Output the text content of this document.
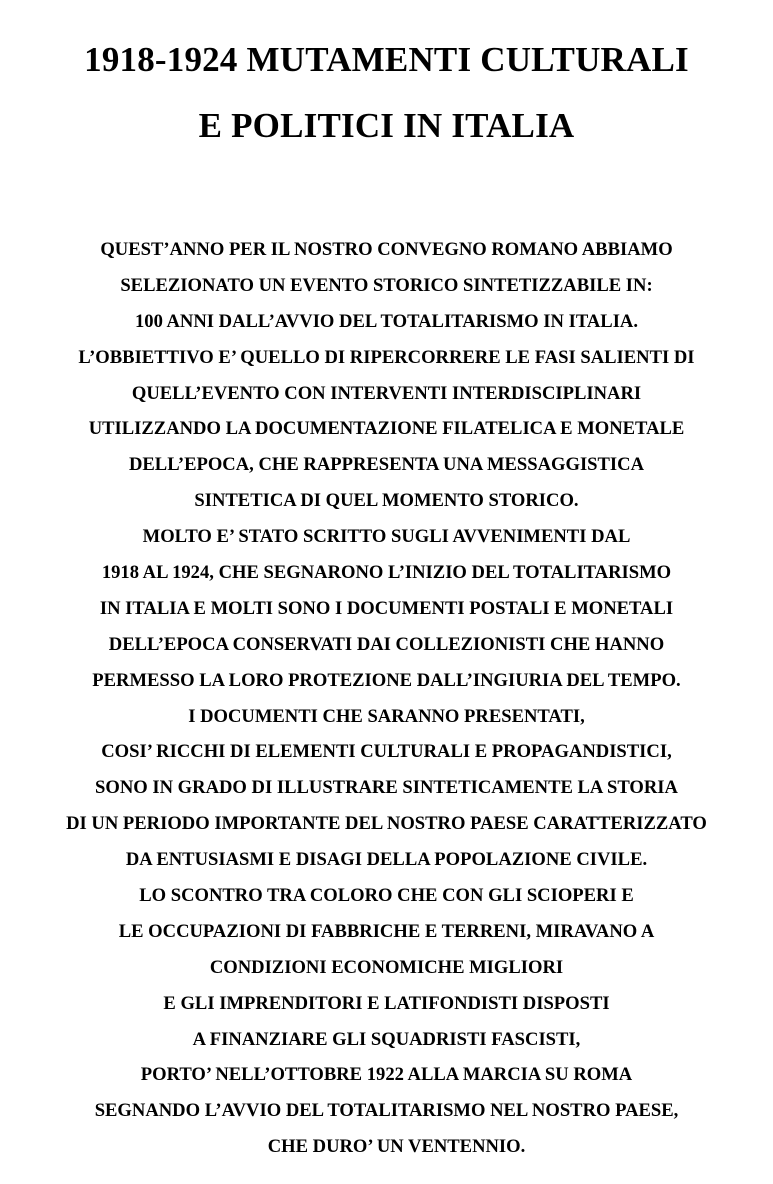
1918-1924 MUTAMENTI CULTURALI
E POLITICI IN ITALIA
QUEST’ANNO PER IL NOSTRO CONVEGNO ROMANO ABBIAMO
SELEZIONATO UN EVENTO STORICO SINTETIZZABILE IN:
100 ANNI DALL’AVVIO DEL TOTALITARISMO IN ITALIA.
L’OBBIETTIVO E’ QUELLO DI RIPERCORRERE LE FASI SALIENTI DI
QUELL’EVENTO CON INTERVENTI INTERDISCIPLINARI
UTILIZZANDO LA DOCUMENTAZIONE FILATELICA E MONETALE
DELL’EPOCA, CHE RAPPRESENTA UNA MESSAGGISTICA
SINTETICA DI QUEL MOMENTO STORICO.
MOLTO E’ STATO SCRITTO SUGLI AVVENIMENTI DAL
1918 AL 1924, CHE SEGNARONO L’INIZIO DEL TOTALITARISMO
IN ITALIA E MOLTI SONO I DOCUMENTI POSTALI E MONETALI
DELL’EPOCA CONSERVATI DAI COLLEZIONISTI CHE HANNO
PERMESSO LA LORO PROTEZIONE DALL’INGIURIA DEL TEMPO.
I DOCUMENTI CHE SARANNO PRESENTATI,
COSI’ RICCHI DI ELEMENTI CULTURALI E PROPAGANDISTICI,
SONO IN GRADO DI ILLUSTRARE SINTETICAMENTE LA STORIA
DI UN PERIODO IMPORTANTE DEL NOSTRO PAESE CARATTERIZZATO
DA ENTUSIASMI E DISAGI DELLA POPOLAZIONE CIVILE.
LO SCONTRO TRA COLORO CHE CON GLI SCIOPERI E
LE OCCUPAZIONI DI FABBRICHE E TERRENI, MIRAVANO A
CONDIZIONI ECONOMICHE MIGLIORI
E GLI IMPRENDITORI E LATIFONDISTI DISPOSTI
A FINANZIARE GLI SQUADRISTI FASCISTI,
PORTO’ NELL’OTTOBRE 1922 ALLA MARCIA SU ROMA
SEGNANDO L’AVVIO DEL TOTALITARISMO NEL NOSTRO PAESE,
CHE DURO’ UN VENTENNIO.
